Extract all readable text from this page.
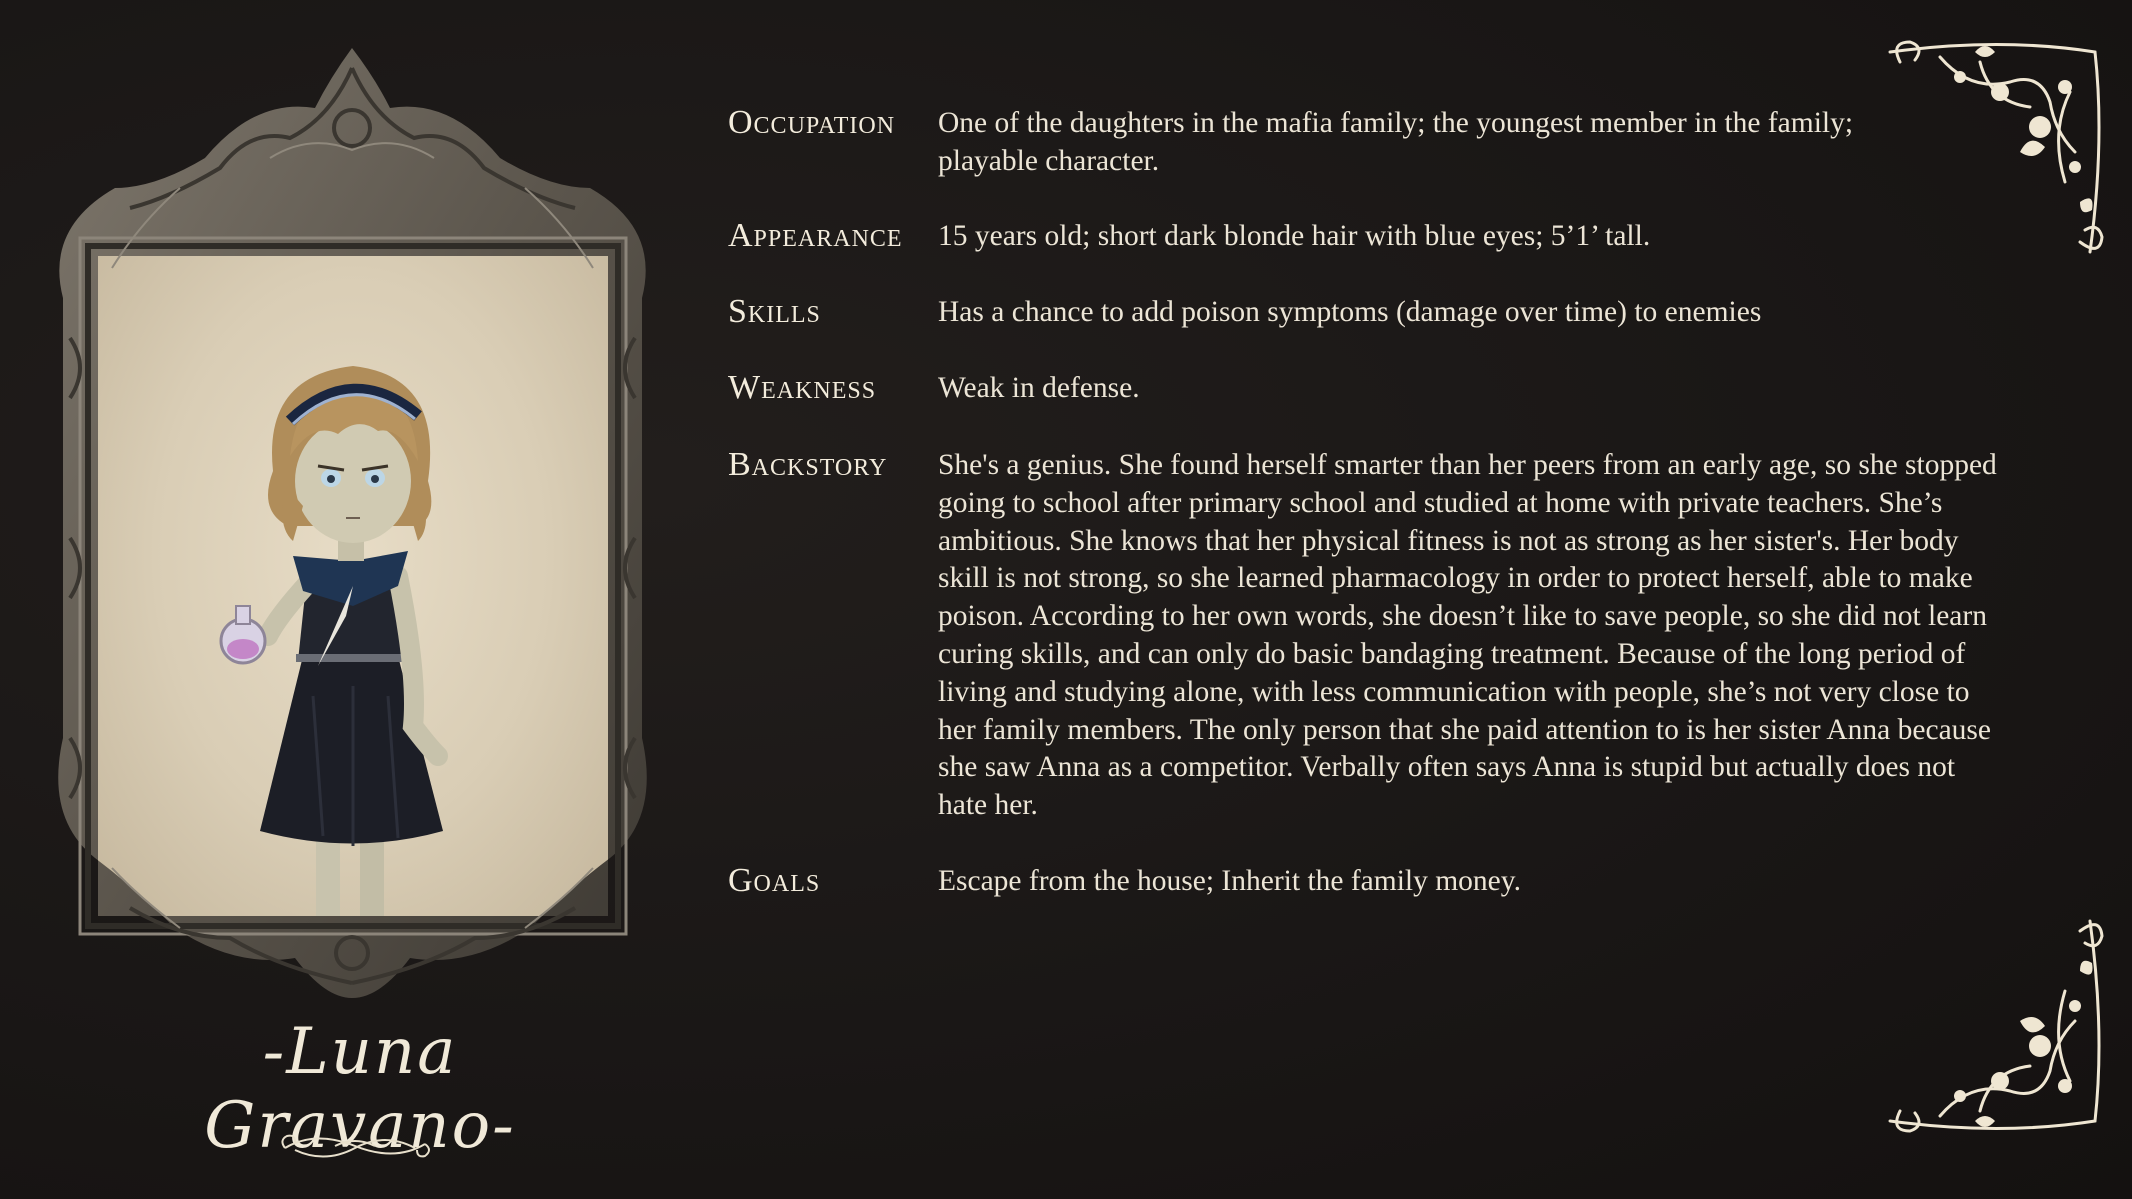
-Luna Gravano-
Occupation	One of the daughters in the mafia family; the youngest member in the family; playable character.
Appearance	15 years old; short dark blonde hair with blue eyes; 5’1’ tall.
Skills	Has a chance to add poison symptoms (damage over time) to enemies
Weakness	Weak in defense.
Backstory	She's a genius. She found herself smarter than her peers from an early age, so she stopped going to school after primary school and studied at home with private teachers. She’s ambitious. She knows that her physical fitness is not as strong as her sister's. Her body skill is not strong, so she learned pharmacology in order to protect herself, able to make poison. According to her own words, she doesn’t like to save people, so she did not learn curing skills, and can only do basic bandaging treatment. Because of the long period of living and studying alone, with less communication with people, she’s not very close to her family members. The only person that she paid attention to is her sister Anna because she saw Anna as a competitor. Verbally often says Anna is stupid but actually does not hate her.
Goals	Escape from the house; Inherit the family money.
